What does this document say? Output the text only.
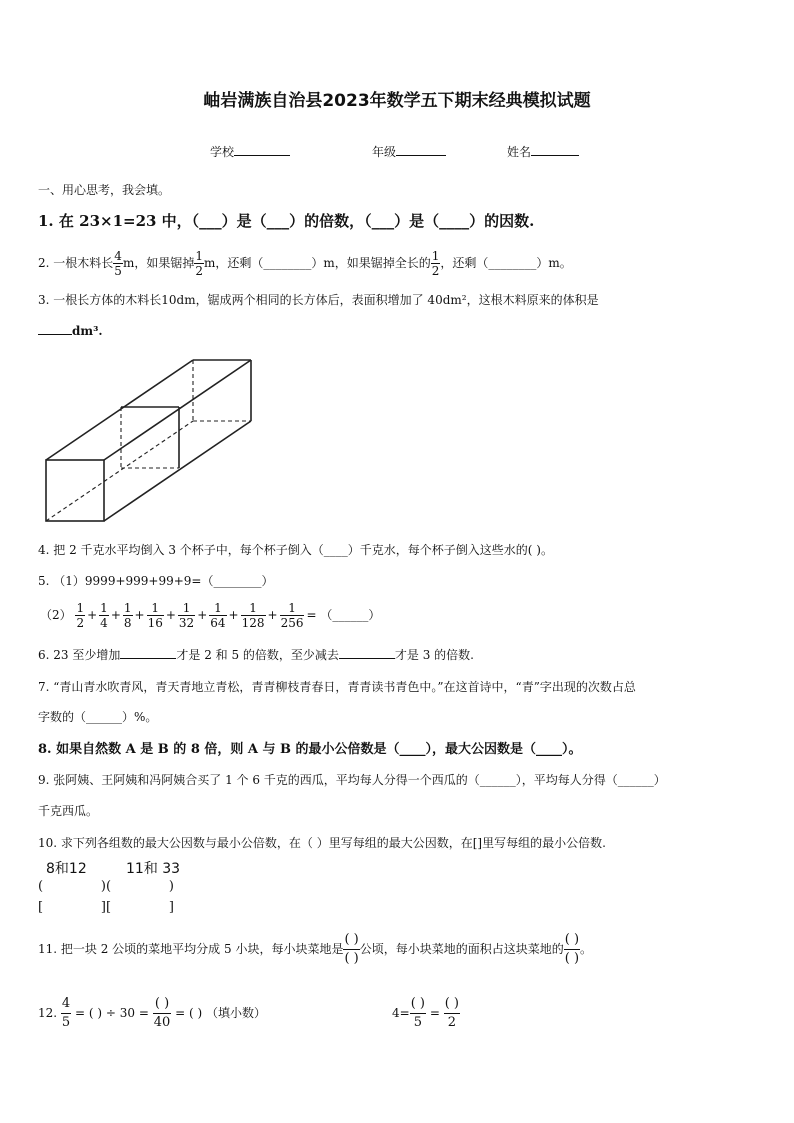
岫岩满族自治县2023年数学五下期末经典模拟试题
学校	年级	姓名
一、用心思考，我会填。
1. 在 23×1=23 中，（___）是（___）的倍数，（___）是（____）的因数.
2. 一根木料长 $\frac{4}{5}$ m，如果锯掉 $\frac{1}{2}$ m，还剩（________）m，如果锯掉全长的 $\frac{1}{2}$ ，还剩（________）m。
3. 一根长方体的木料长10dm，锯成两个相同的长方体后，表面积增加了 40dm²，这根木料原来的体积是
dm³.
4. 把 2 千克水平均倒入 3 个杯子中，每个杯子倒入（____）千克水，每个杯子倒入这些水的( )。
5. （1）9999+999+99+9=（________）
$(2) \frac{1}{2} + \frac{1}{4} + \frac{1}{8} + \frac{1}{16} + \frac{1}{32} + \frac{1}{64} + \frac{1}{128} + \frac{1}{256}$ = （______）
6. 23 至少增加	才是 2 和 5 的倍数，至少减去	才是 3 的倍数.
7. “青山青水吹青风，青天青地立青松，青青柳枝青春日，青青读书青色中。”在这首诗中，“青”字出现的次数占总
字数的（______）%。
8. 如果自然数 A 是 B 的 8 倍，则 A 与 B 的最小公倍数是（____），最大公因数是（____）。
9. 张阿姨、王阿姨和冯阿姨合买了 1 个 6 千克的西瓜，平均每人分得一个西瓜的（______），平均每人分得（______）
千克西瓜。
10. 求下列各组数的最大公因数与最小公倍数，在（ ）里写每组的最大公因数，在[]里写每组的最小公倍数.
8和12	11和 33
(              )(              )
[              ][              ]
11. 把一块 2 公顷的菜地平均分成 5 小块，每小块菜地是 $\frac{( )}{( )}$ 公顷，每小块菜地的面积占这块菜地的 $\frac{( )}{( )}$ 。
12. $\frac{4}{5}$ = ( ) ÷ $30 = \frac{( )}{40}$ = ( ) （填小数）	$4= \frac{( )}{5} = \frac{( )}{2}$
